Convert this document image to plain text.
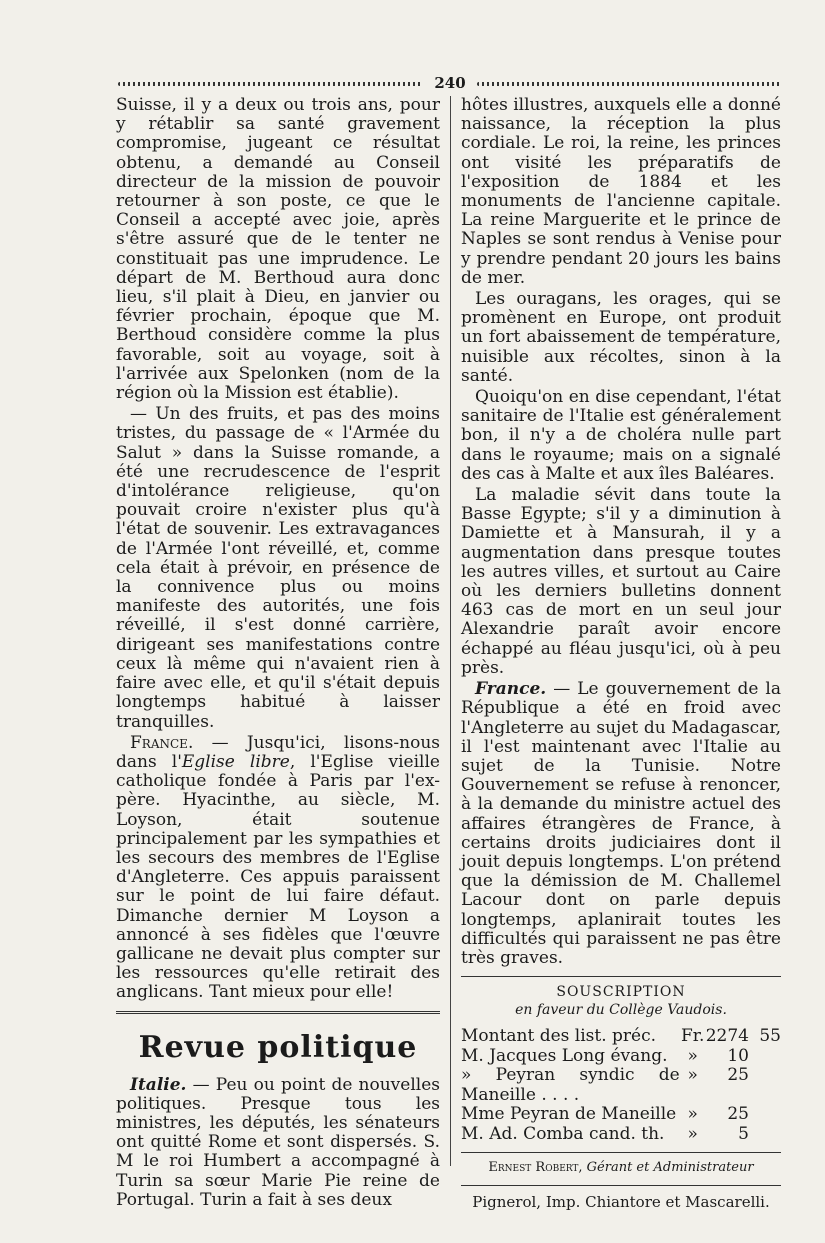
240

Suisse, il y a deux ou trois ans, pour y rétablir sa santé gravement compromise, jugeant ce résultat obtenu, a demandé au Conseil directeur de la mission de pouvoir retourner à son poste, ce que le Conseil a accepté avec joie, après s'être assuré que de le tenter ne constituait pas une imprudence. Le départ de M. Berthoud aura donc lieu, s'il plait à Dieu, en janvier ou février prochain, époque que M. Berthoud considère comme la plus favorable, soit au voyage, soit à l'arrivée aux Spelonken (nom de la région où la Mission est établie).

— Un des fruits, et pas des moins tristes, du passage de « l'Armée du Salut » dans la Suisse romande, a été une recrudescence de l'esprit d'intolérance religieuse, qu'on pouvait croire n'exister plus qu'à l'état de souvenir. Les extravagances de l'Armée l'ont réveillé, et, comme cela était à prévoir, en présence de la connivence plus ou moins manifeste des autorités, une fois réveillé, il s'est donné carrière, dirigeant ses manifestations contre ceux là même qui n'avaient rien à faire avec elle, et qu'il s'était depuis longtemps habitué à laisser tranquilles.

France. — Jusqu'ici, lisons-nous dans l'Eglise libre, l'Eglise vieille catholique fondée à Paris par l'ex-père. Hyacinthe, au siècle, M. Loyson, était soutenue principalement par les sympathies et les secours des membres de l'Eglise d'Angleterre. Ces appuis paraissent sur le point de lui faire défaut. Dimanche dernier M Loyson a annoncé à ses fidèles que l'œuvre gallicane ne devait plus compter sur les ressources qu'elle retirait des anglicans. Tant mieux pour elle!

Revue politique

Italie. — Peu ou point de nouvelles politiques. Presque tous les ministres, les députés, les sénateurs ont quitté Rome et sont dispersés. S. M le roi Humbert a accompagné à Turin sa sœur Marie Pie reine de Portugal. Turin a fait à ses deux

hôtes illustres, auxquels elle a donné naissance, la réception la plus cordiale. Le roi, la reine, les princes ont visité les préparatifs de l'exposition de 1884 et les monuments de l'ancienne capitale. La reine Marguerite et le prince de Naples se sont rendus à Venise pour y prendre pendant 20 jours les bains de mer.

Les ouragans, les orages, qui se promènent en Europe, ont produit un fort abaissement de température, nuisible aux récoltes, sinon à la santé.

Quoiqu'on en dise cependant, l'état sanitaire de l'Italie est généralement bon, il n'y a de choléra nulle part dans le royaume; mais on a signalé des cas à Malte et aux îles Baléares.

La maladie sévit dans toute la Basse Egypte; s'il y a diminution à Damiette et à Mansurah, il y a augmentation dans presque toutes les autres villes, et surtout au Caire où les derniers bulletins donnent 463 cas de mort en un seul jour Alexandrie paraît avoir encore échappé au fléau jusqu'ici, où à peu près.

France. — Le gouvernement de la République a été en froid avec l'Angleterre au sujet du Madagascar, il l'est maintenant avec l'Italie au sujet de la Tunisie. Notre Gouvernement se refuse à renoncer, à la demande du ministre actuel des affaires étrangères de France, à certains droits judiciaires dont il jouit depuis longtemps. L'on prétend que la démission de M. Challemel Lacour dont on parle depuis longtemps, aplanirait toutes les difficultés qui paraissent ne pas être très graves.

SOUSCRIPTION
en faveur du Collège Vaudois.
Montant des list. préc.	Fr.	2274	55
M. Jacques Long évang.	»	10	
» Peyran syndic de Maneille . . . .	»	25	
Mme Peyran de Maneille	»	25	
M. Ad. Comba cand. th.	»	5	
Ernest Robert, Gérant et Administrateur
Pignerol, Imp. Chiantore et Mascarelli.
